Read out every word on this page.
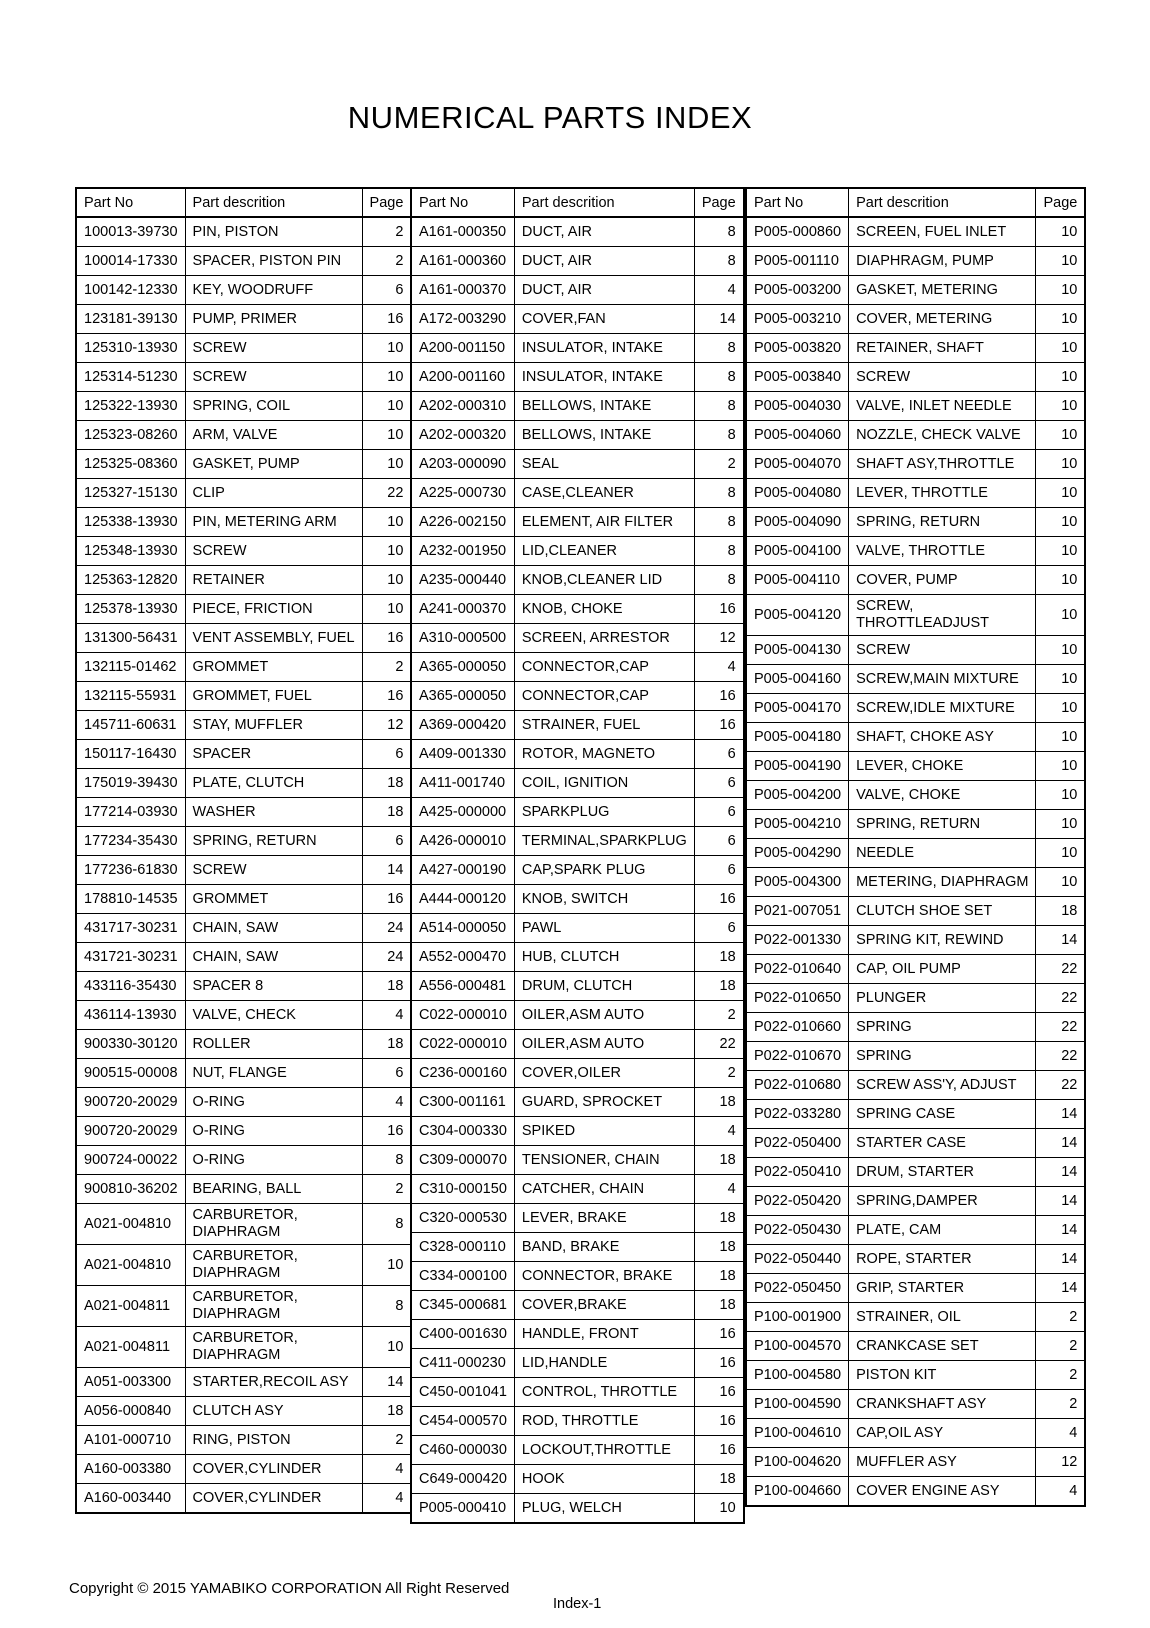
NUMERICAL PARTS INDEX
Part No	Part descrition	Page
100013-39730	PIN, PISTON	2
100014-17330	SPACER, PISTON PIN	2
100142-12330	KEY, WOODRUFF	6
123181-39130	PUMP, PRIMER	16
125310-13930	SCREW	10
125314-51230	SCREW	10
125322-13930	SPRING, COIL	10
125323-08260	ARM, VALVE	10
125325-08360	GASKET, PUMP	10
125327-15130	CLIP	22
125338-13930	PIN, METERING ARM	10
125348-13930	SCREW	10
125363-12820	RETAINER	10
125378-13930	PIECE, FRICTION	10
131300-56431	VENT ASSEMBLY, FUEL	16
132115-01462	GROMMET	2
132115-55931	GROMMET, FUEL	16
145711-60631	STAY, MUFFLER	12
150117-16430	SPACER	6
175019-39430	PLATE, CLUTCH	18
177214-03930	WASHER	18
177234-35430	SPRING, RETURN	6
177236-61830	SCREW	14
178810-14535	GROMMET	16
431717-30231	CHAIN, SAW	24
431721-30231	CHAIN, SAW	24
433116-35430	SPACER 8	18
436114-13930	VALVE, CHECK	4
900330-30120	ROLLER	18
900515-00008	NUT, FLANGE	6
900720-20029	O-RING	4
900720-20029	O-RING	16
900724-00022	O-RING	8
900810-36202	BEARING, BALL	2
A021-004810	CARBURETOR, DIAPHRAGM	8
A021-004810	CARBURETOR, DIAPHRAGM	10
A021-004811	CARBURETOR, DIAPHRAGM	8
A021-004811	CARBURETOR, DIAPHRAGM	10
A051-003300	STARTER,RECOIL ASY	14
A056-000840	CLUTCH ASY	18
A101-000710	RING, PISTON	2
A160-003380	COVER,CYLINDER	4
A160-003440	COVER,CYLINDER	4
Part No	Part descrition	Page
A161-000350	DUCT, AIR	8
A161-000360	DUCT, AIR	8
A161-000370	DUCT, AIR	4
A172-003290	COVER,FAN	14
A200-001150	INSULATOR, INTAKE	8
A200-001160	INSULATOR, INTAKE	8
A202-000310	BELLOWS, INTAKE	8
A202-000320	BELLOWS, INTAKE	8
A203-000090	SEAL	2
A225-000730	CASE,CLEANER	8
A226-002150	ELEMENT, AIR FILTER	8
A232-001950	LID,CLEANER	8
A235-000440	KNOB,CLEANER LID	8
A241-000370	KNOB, CHOKE	16
A310-000500	SCREEN, ARRESTOR	12
A365-000050	CONNECTOR,CAP	4
A365-000050	CONNECTOR,CAP	16
A369-000420	STRAINER, FUEL	16
A409-001330	ROTOR, MAGNETO	6
A411-001740	COIL, IGNITION	6
A425-000000	SPARKPLUG	6
A426-000010	TERMINAL,SPARKPLUG	6
A427-000190	CAP,SPARK PLUG	6
A444-000120	KNOB, SWITCH	16
A514-000050	PAWL	6
A552-000470	HUB, CLUTCH	18
A556-000481	DRUM, CLUTCH	18
C022-000010	OILER,ASM AUTO	2
C022-000010	OILER,ASM AUTO	22
C236-000160	COVER,OILER	2
C300-001161	GUARD, SPROCKET	18
C304-000330	SPIKED	4
C309-000070	TENSIONER, CHAIN	18
C310-000150	CATCHER, CHAIN	4
C320-000530	LEVER, BRAKE	18
C328-000110	BAND, BRAKE	18
C334-000100	CONNECTOR, BRAKE	18
C345-000681	COVER,BRAKE	18
C400-001630	HANDLE, FRONT	16
C411-000230	LID,HANDLE	16
C450-001041	CONTROL, THROTTLE	16
C454-000570	ROD, THROTTLE	16
C460-000030	LOCKOUT,THROTTLE	16
C649-000420	HOOK	18
P005-000410	PLUG, WELCH	10
Part No	Part descrition	Page
P005-000860	SCREEN, FUEL INLET	10
P005-001110	DIAPHRAGM, PUMP	10
P005-003200	GASKET, METERING	10
P005-003210	COVER, METERING	10
P005-003820	RETAINER, SHAFT	10
P005-003840	SCREW	10
P005-004030	VALVE, INLET NEEDLE	10
P005-004060	NOZZLE, CHECK VALVE	10
P005-004070	SHAFT ASY,THROTTLE	10
P005-004080	LEVER, THROTTLE	10
P005-004090	SPRING, RETURN	10
P005-004100	VALVE, THROTTLE	10
P005-004110	COVER, PUMP	10
P005-004120	SCREW, THROTTLEADJUST	10
P005-004130	SCREW	10
P005-004160	SCREW,MAIN MIXTURE	10
P005-004170	SCREW,IDLE MIXTURE	10
P005-004180	SHAFT, CHOKE ASY	10
P005-004190	LEVER, CHOKE	10
P005-004200	VALVE, CHOKE	10
P005-004210	SPRING, RETURN	10
P005-004290	NEEDLE	10
P005-004300	METERING, DIAPHRAGM	10
P021-007051	CLUTCH SHOE SET	18
P022-001330	SPRING KIT, REWIND	14
P022-010640	CAP, OIL PUMP	22
P022-010650	PLUNGER	22
P022-010660	SPRING	22
P022-010670	SPRING	22
P022-010680	SCREW ASS'Y, ADJUST	22
P022-033280	SPRING CASE	14
P022-050400	STARTER CASE	14
P022-050410	DRUM, STARTER	14
P022-050420	SPRING,DAMPER	14
P022-050430	PLATE, CAM	14
P022-050440	ROPE, STARTER	14
P022-050450	GRIP, STARTER	14
P100-001900	STRAINER, OIL	2
P100-004570	CRANKCASE SET	2
P100-004580	PISTON KIT	2
P100-004590	CRANKSHAFT ASY	2
P100-004610	CAP,OIL ASY	4
P100-004620	MUFFLER ASY	12
P100-004660	COVER ENGINE ASY	4
Copyright © 2015 YAMABIKO CORPORATION All Right Reserved
Index-1
